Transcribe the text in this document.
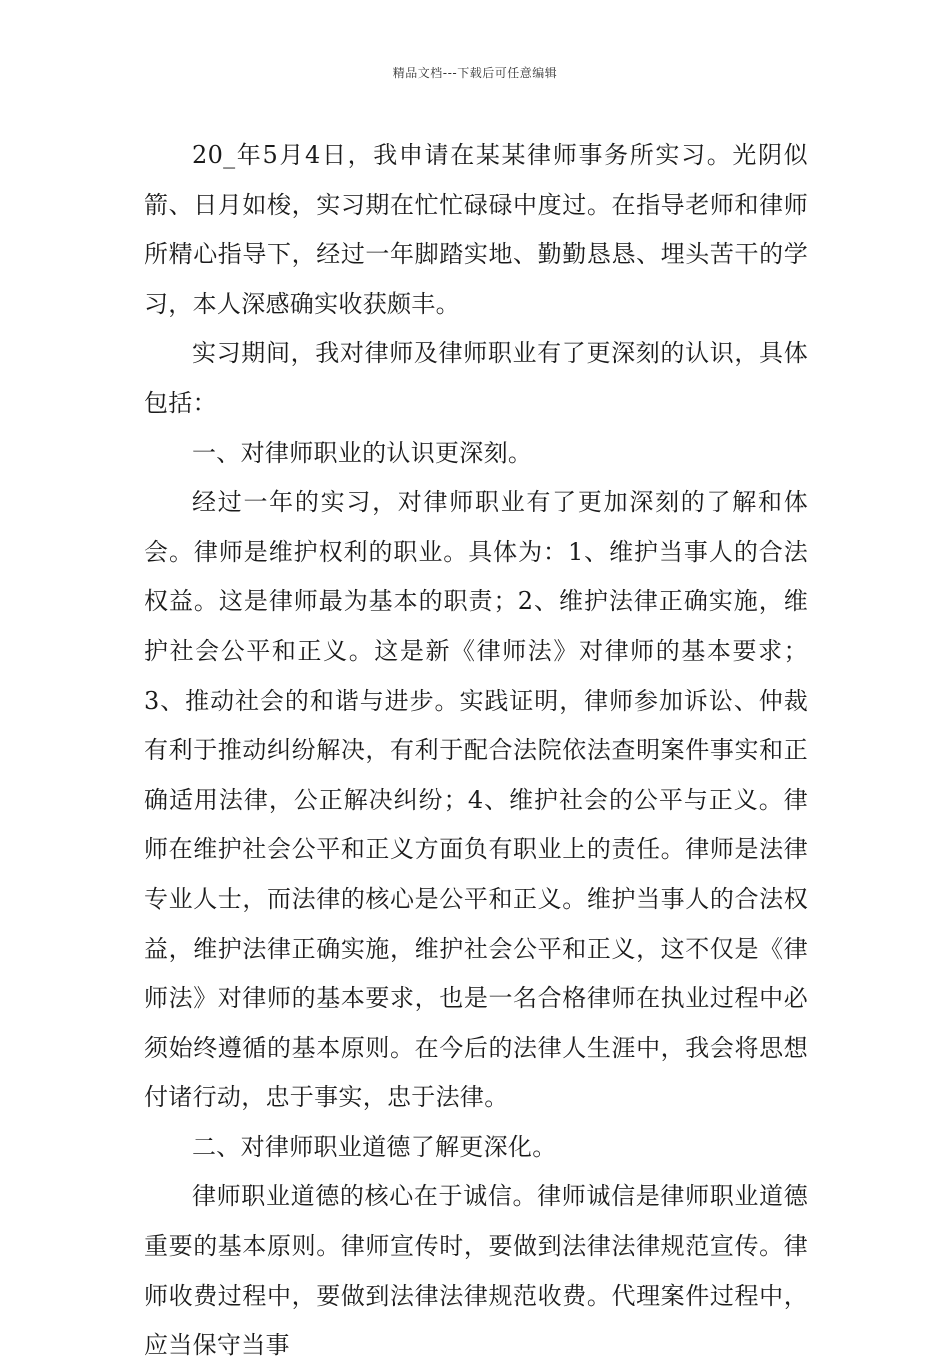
精品文档---下载后可任意编辑

20_年5月4日，我申请在某某律师事务所实习。光阴似箭、日月如梭，实习期在忙忙碌碌中度过。在指导老师和律师所精心指导下，经过一年脚踏实地、勤勤恳恳、埋头苦干的学习，本人深感确实收获颇丰。

实习期间，我对律师及律师职业有了更深刻的认识，具体包括：

一、对律师职业的认识更深刻。

经过一年的实习，对律师职业有了更加深刻的了解和体会。律师是维护权利的职业。具体为：1、维护当事人的合法权益。这是律师最为基本的职责；2、维护法律正确实施，维护社会公平和正义。这是新《律师法》对律师的基本要求；3、推动社会的和谐与进步。实践证明，律师参加诉讼、仲裁有利于推动纠纷解决，有利于配合法院依法查明案件事实和正确适用法律，公正解决纠纷；4、维护社会的公平与正义。律师在维护社会公平和正义方面负有职业上的责任。律师是法律专业人士，而法律的核心是公平和正义。维护当事人的合法权益，维护法律正确实施，维护社会公平和正义，这不仅是《律师法》对律师的基本要求，也是一名合格律师在执业过程中必须始终遵循的基本原则。在今后的法律人生涯中，我会将思想付诸行动，忠于事实，忠于法律。

二、对律师职业道德了解更深化。

律师职业道德的核心在于诚信。律师诚信是律师职业道德重要的基本原则。律师宣传时，要做到法律法律规范宣传。律师收费过程中，要做到法律法律规范收费。代理案件过程中，应当保守当事
